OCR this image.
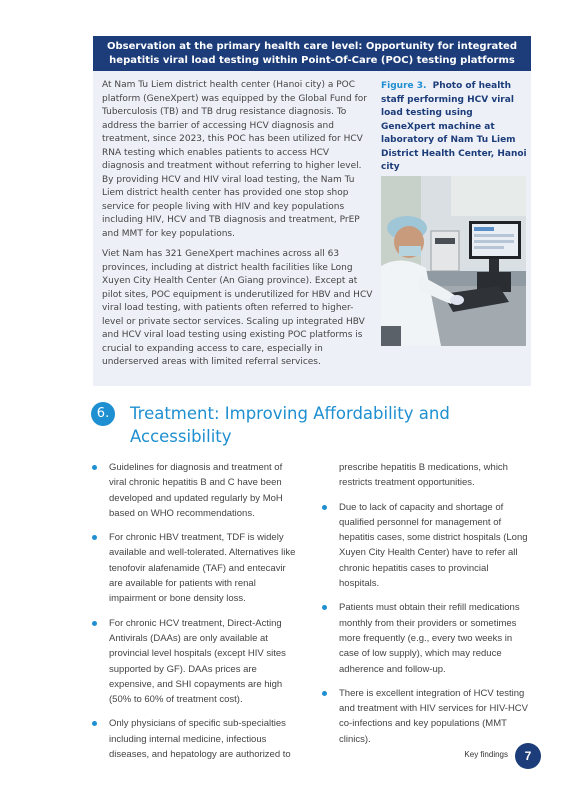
Observation at the primary health care level: Opportunity for integrated
hepatitis viral load testing within Point-Of-Care (POC) testing platforms

At Nam Tu Liem district health center (Hanoi city) a POC platform (GeneXpert) was equipped by the Global Fund for Tuberculosis (TB) and TB drug resistance diagnosis. To address the barrier of accessing HCV diagnosis and treatment, since 2023, this POC has been utilized for HCV RNA testing which enables patients to access HCV diagnosis and treatment without referring to higher level. By providing HCV and HIV viral load testing, the Nam Tu Liem district health center has provided one stop shop service for people living with HIV and key populations including HIV, HCV and TB diagnosis and treatment, PrEP and MMT for key populations.

Viet Nam has 321 GeneXpert machines across all 63 provinces, including at district health facilities like Long Xuyen City Health Center (An Giang province). Except at pilot sites, POC equipment is underutilized for HBV and HCV viral load testing, with patients often referred to higher-level or private sector services. Scaling up integrated HBV and HCV viral load testing using existing POC platforms is crucial to expanding access to care, especially in underserved areas with limited referral services.

Figure 3. Photo of health staff performing HCV viral load testing using GeneXpert machine at laboratory of Nam Tu Liem District Health Center, Hanoi city
6.	Treatment: Improving Affordability and Accessibility
Guidelines for diagnosis and treatment of viral chronic hepatitis B and C have been developed and updated regularly by MoH based on WHO recommendations.
For chronic HBV treatment, TDF is widely available and well-tolerated. Alternatives like tenofovir alafenamide (TAF) and entecavir are available for patients with renal impairment or bone density loss.
For chronic HCV treatment, Direct-Acting Antivirals (DAAs) are only available at provincial level hospitals (except HIV sites supported by GF). DAAs prices are expensive, and SHI copayments are high (50% to 60% of treatment cost).
Only physicians of specific sub-specialties including internal medicine, infectious diseases, and hepatology are authorized to
prescribe hepatitis B medications, which restricts treatment opportunities.
Due to lack of capacity and shortage of qualified personnel for management of hepatitis cases, some district hospitals (Long Xuyen City Health Center) have to refer all chronic hepatitis cases to provincial hospitals.
Patients must obtain their refill medications monthly from their providers or sometimes more frequently (e.g., every two weeks in case of low supply), which may reduce adherence and follow-up.
There is excellent integration of HCV testing and treatment with HIV services for HIV-HCV co-infections and key populations (MMT clinics).
Key findings	7
